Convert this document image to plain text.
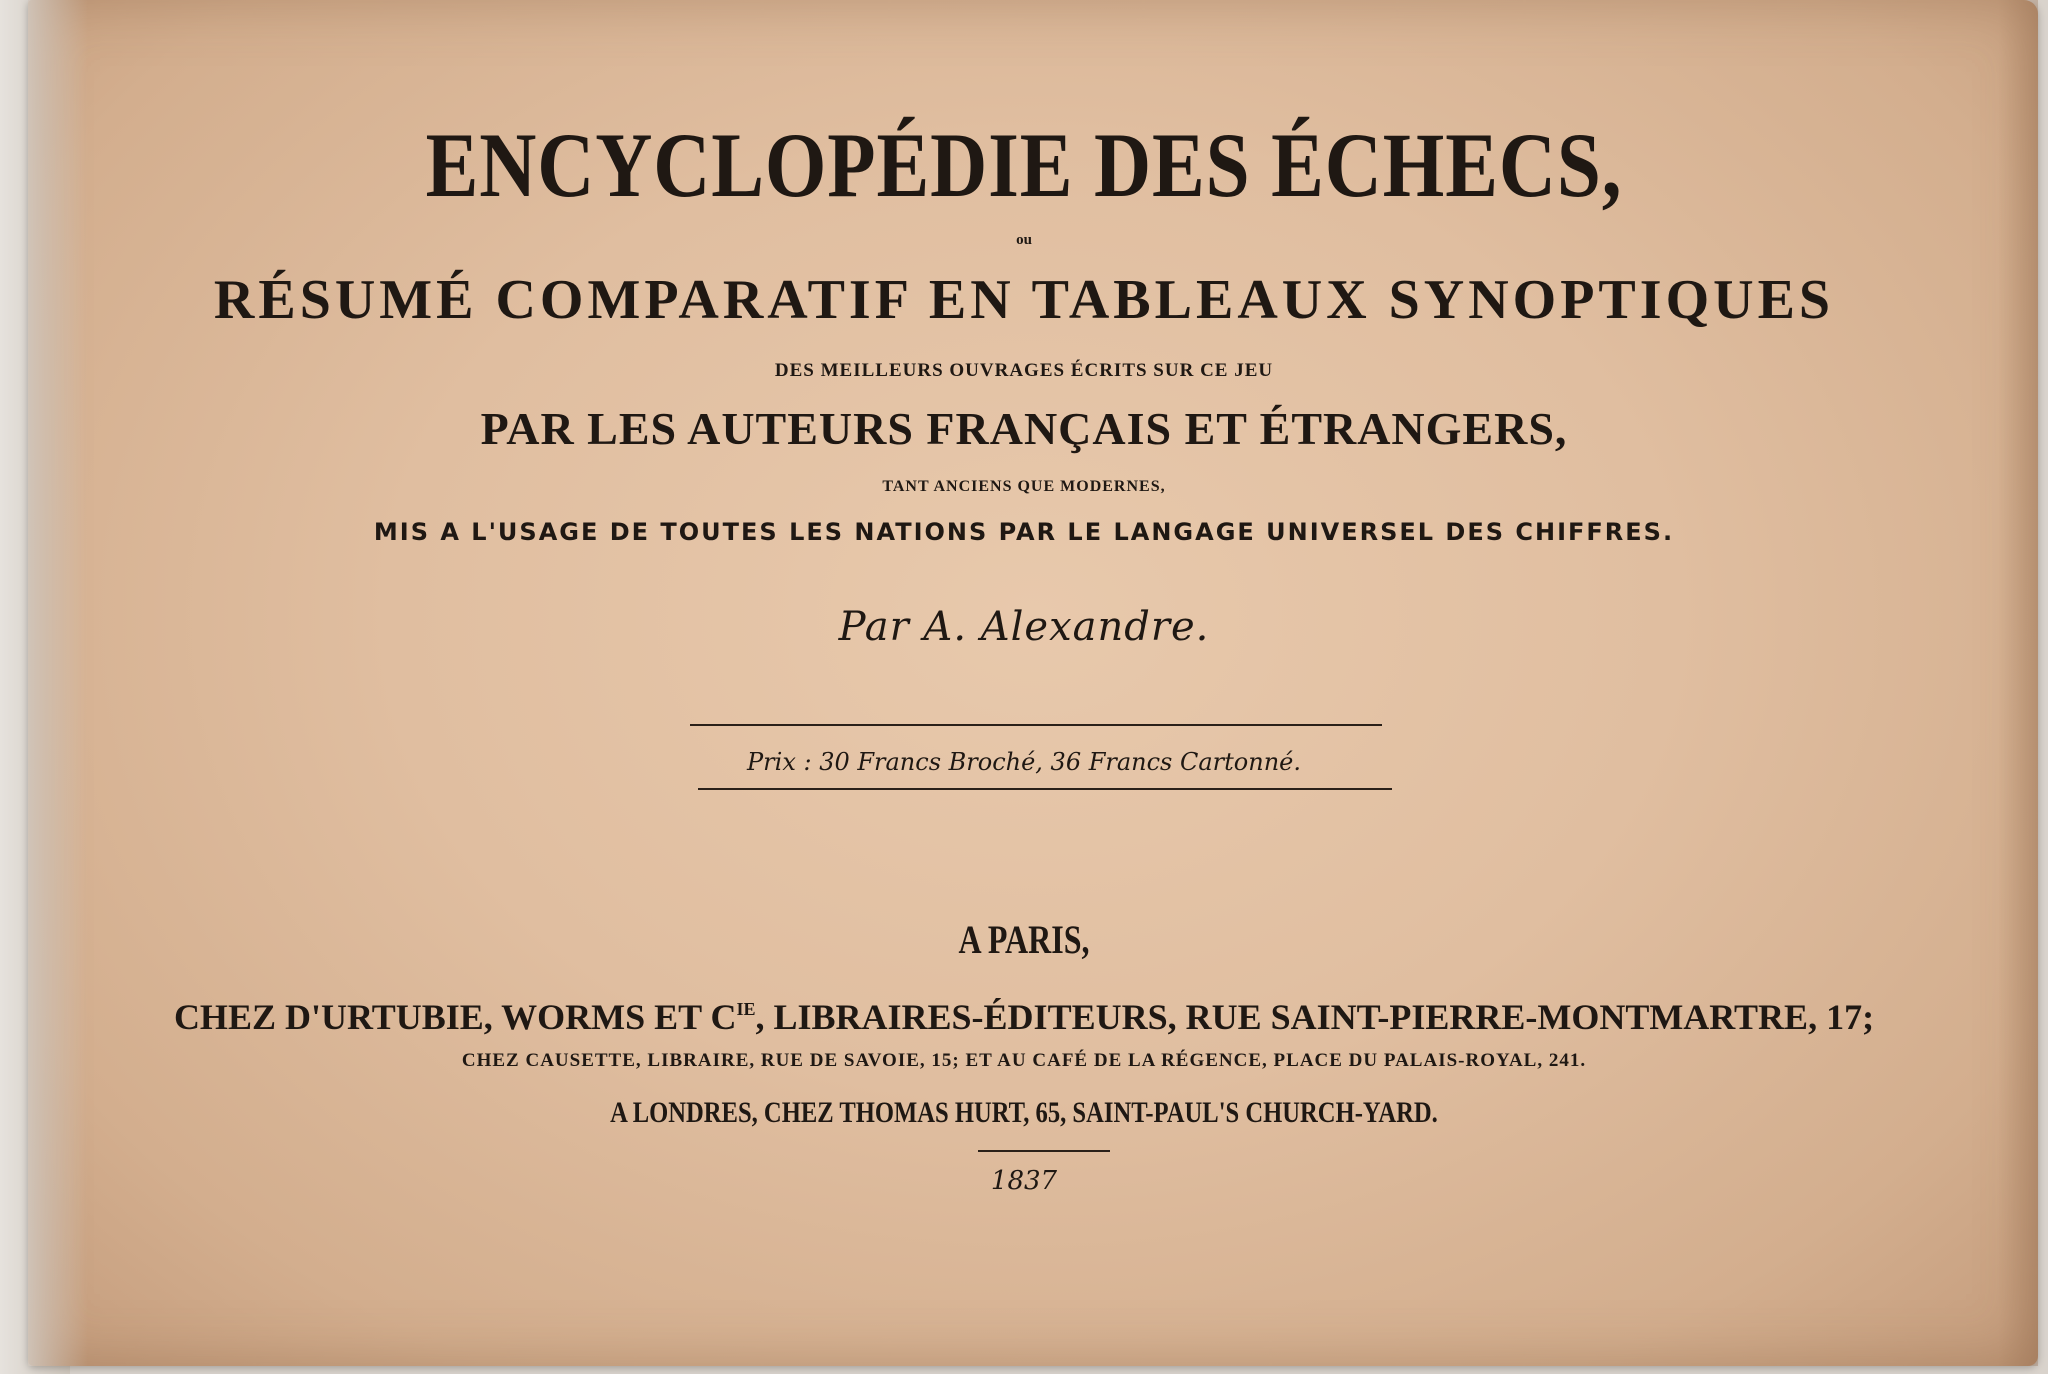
ENCYCLOPÉDIE DES ÉCHECS,
ou
RÉSUMÉ COMPARATIF EN TABLEAUX SYNOPTIQUES
DES MEILLEURS OUVRAGES ÉCRITS SUR CE JEU
PAR LES AUTEURS FRANÇAIS ET ÉTRANGERS,
TANT ANCIENS QUE MODERNES,
MIS A L'USAGE DE TOUTES LES NATIONS PAR LE LANGAGE UNIVERSEL DES CHIFFRES.
Par A. Alexandre.
Prix : 30 Francs Broché, 36 Francs Cartonné.
A PARIS,
CHEZ D'URTUBIE, WORMS ET $C^{IE}$, LIBRAIRES-ÉDITEURS, RUE SAINT-PIERRE-MONTMARTRE, 17;
CHEZ CAUSETTE, LIBRAIRE, RUE DE SAVOIE, 15; ET AU CAFÉ DE LA RÉGENCE, PLACE DU PALAIS-ROYAL, 241.
A LONDRES, CHEZ THOMAS HURT, 65, SAINT-PAUL'S CHURCH-YARD.
1837
